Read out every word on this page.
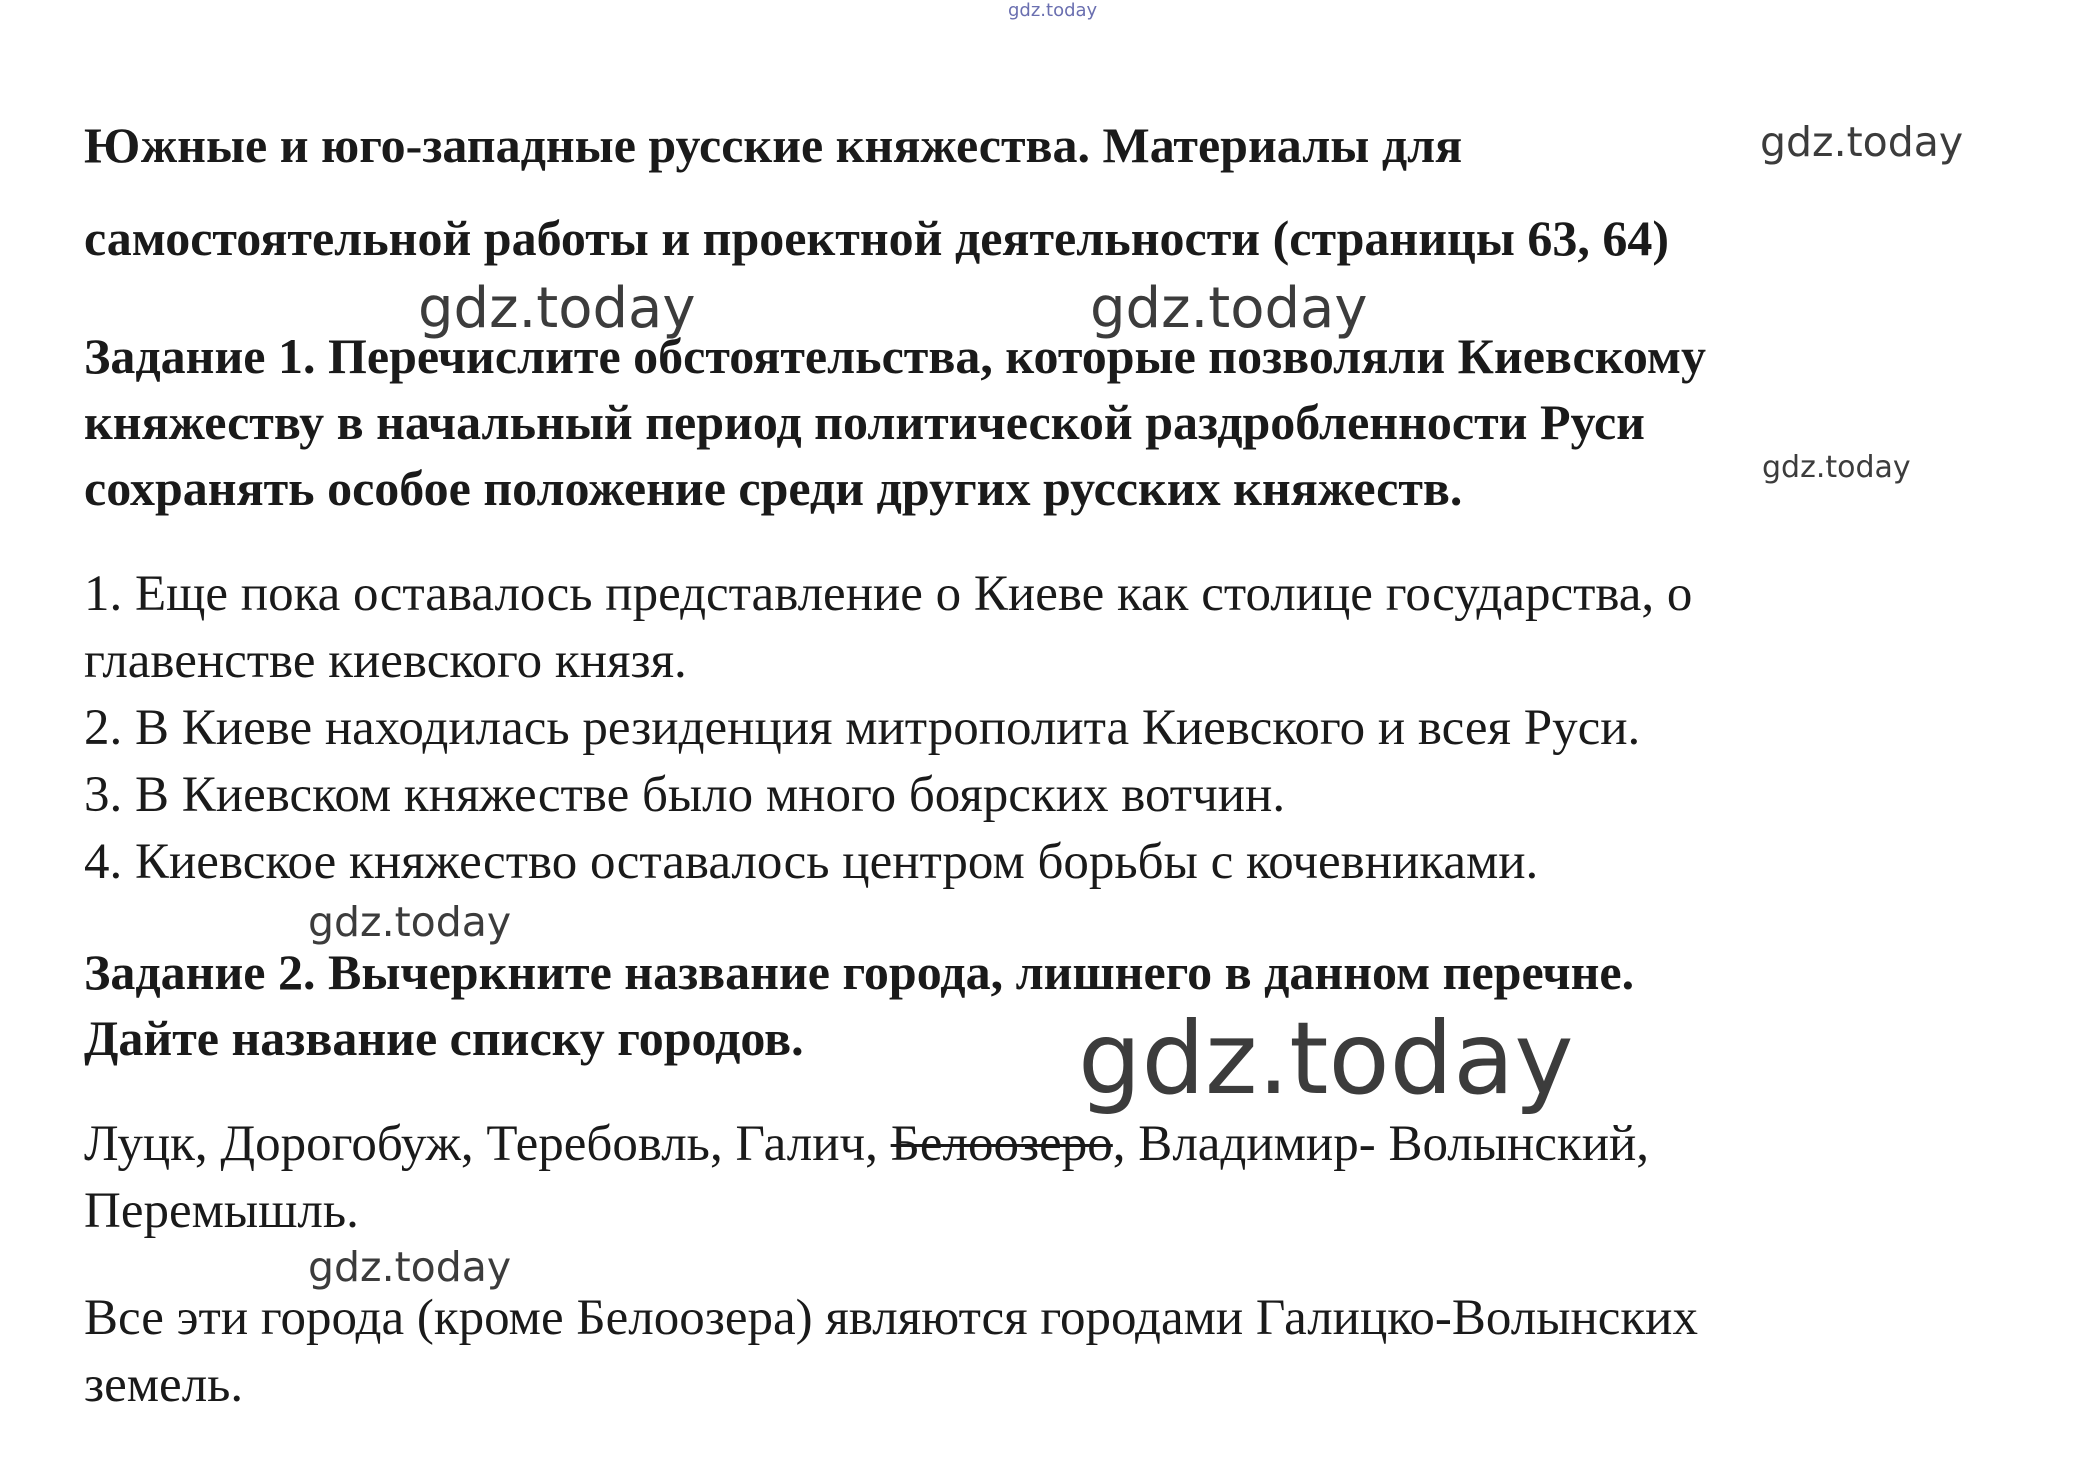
Южные и юго-западные русские княжества. Материалы для

самостоятельной работы и проектной деятельности (страницы 63, 64)

Задание 1. Перечислите обстоятельства, которые позволяли Киевскому

княжеству в начальный период политической раздробленности Руси

сохранять особое положение среди других русских княжеств.

1. Еще пока оставалось представление о Киеве как столице государства, о

главенстве киевского князя.

2. В Киеве находилась резиденция митрополита Киевского и всея Руси.

3. В Киевском княжестве было много боярских вотчин.

4. Киевское княжество оставалось центром борьбы с кочевниками.

Задание 2. Вычеркните название города, лишнего в данном перечне.

Дайте название списку городов.

Луцк, Дорогобуж, Теребовль, Галич, Белоозеро, Владимир- Волынский,

Перемышль.

Все эти города (кроме Белоозера) являются городами Галицко-Волынских

земель.

gdz.today
gdz.today
gdz.today	gdz.today
gdz.today
gdz.today
gdz.today
gdz.today
